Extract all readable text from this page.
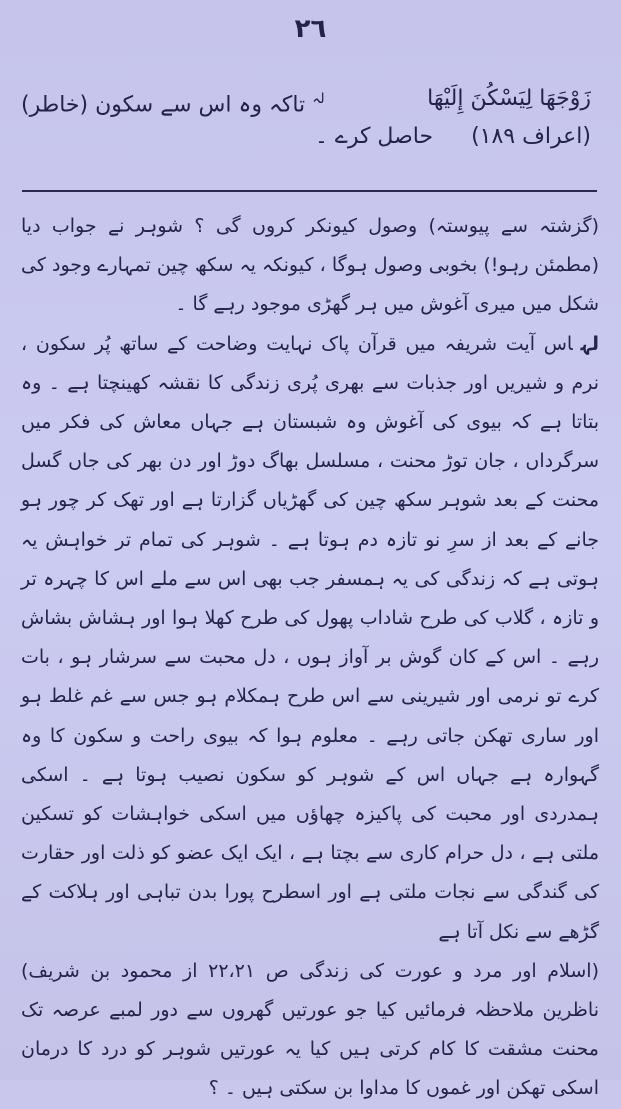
۲٦
زَوْجَهَا لِيَسْكُنَ إِلَيْهَا
$^{لہ}$ تاکہ وہ اس سے سکون (خاطر)
(اعراف ۱۸۹)
حاصل کرے ۔

(گزشتہ سے پیوستہ) وصول کیونکر کروں گی ؟ شوہر نے جواب دیا (مطمئن رہو!) بخوبی وصول ہوگا ، کیونکہ یہ سکھ چین تمہارے وجود کی شکل میں میری آغوش میں ہر گھڑی موجود رہے گا ۔

لہاس آیت شریفہ میں قرآن پاک نہایت وضاحت کے ساتھ پُر سکون ، نرم و شیریں اور جذبات سے بھری پُری زندگی کا نقشہ کھینچتا ہے ۔ وہ بتاتا ہے کہ بیوی کی آغوش وہ شبستان ہے جہاں معاش کی فکر میں سرگرداں ، جان توڑ محنت ، مسلسل بھاگ دوڑ اور دن بھر کی جاں گسل محنت کے بعد شوہر سکھ چین کی گھڑیاں گزارتا ہے اور تھک کر چور ہو جانے کے بعد از سرِ نو تازہ دم ہوتا ہے ۔ شوہر کی تمام تر خواہش یہ ہوتی ہے کہ زندگی کی یہ ہمسفر جب بھی اس سے ملے اس کا چہرہ تر و تازہ ، گلاب کی طرح شاداب پھول کی طرح کھلا ہوا اور ہشاش بشاش رہے ۔ اس کے کان گوش بر آواز ہوں ، دل محبت سے سرشار ہو ، بات کرے تو نرمی اور شیرینی سے اس طرح ہمکلام ہو جس سے غم غلط ہو اور ساری تھکن جاتی رہے ۔ معلوم ہوا کہ بیوی راحت و سکون کا وہ گہوارہ ہے جہاں اس کے شوہر کو سکون نصیب ہوتا ہے ۔ اسکی ہمدردی اور محبت کی پاکیزہ چھاؤں میں اسکی خواہشات کو تسکین ملتی ہے ، دل حرام کاری سے بچتا ہے ، ایک ایک عضو کو ذلت اور حقارت کی گندگی سے نجات ملتی ہے اور اسطرح پورا بدن تباہی اور ہلاکت کے گڑھے سے نکل آتا ہے

(اسلام اور مرد و عورت کی زندگی ص ۲۲،۲۱ از محمود بن شریف) ناظرین ملاحظہ فرمائیں کیا جو عورتیں گھروں سے دور لمبے عرصہ تک محنت مشقت کا کام کرتی ہیں کیا یہ عورتیں شوہر کو درد کا درمان اسکی تھکن اور غموں کا مداوا بن سکتی ہیں ۔ ؟
